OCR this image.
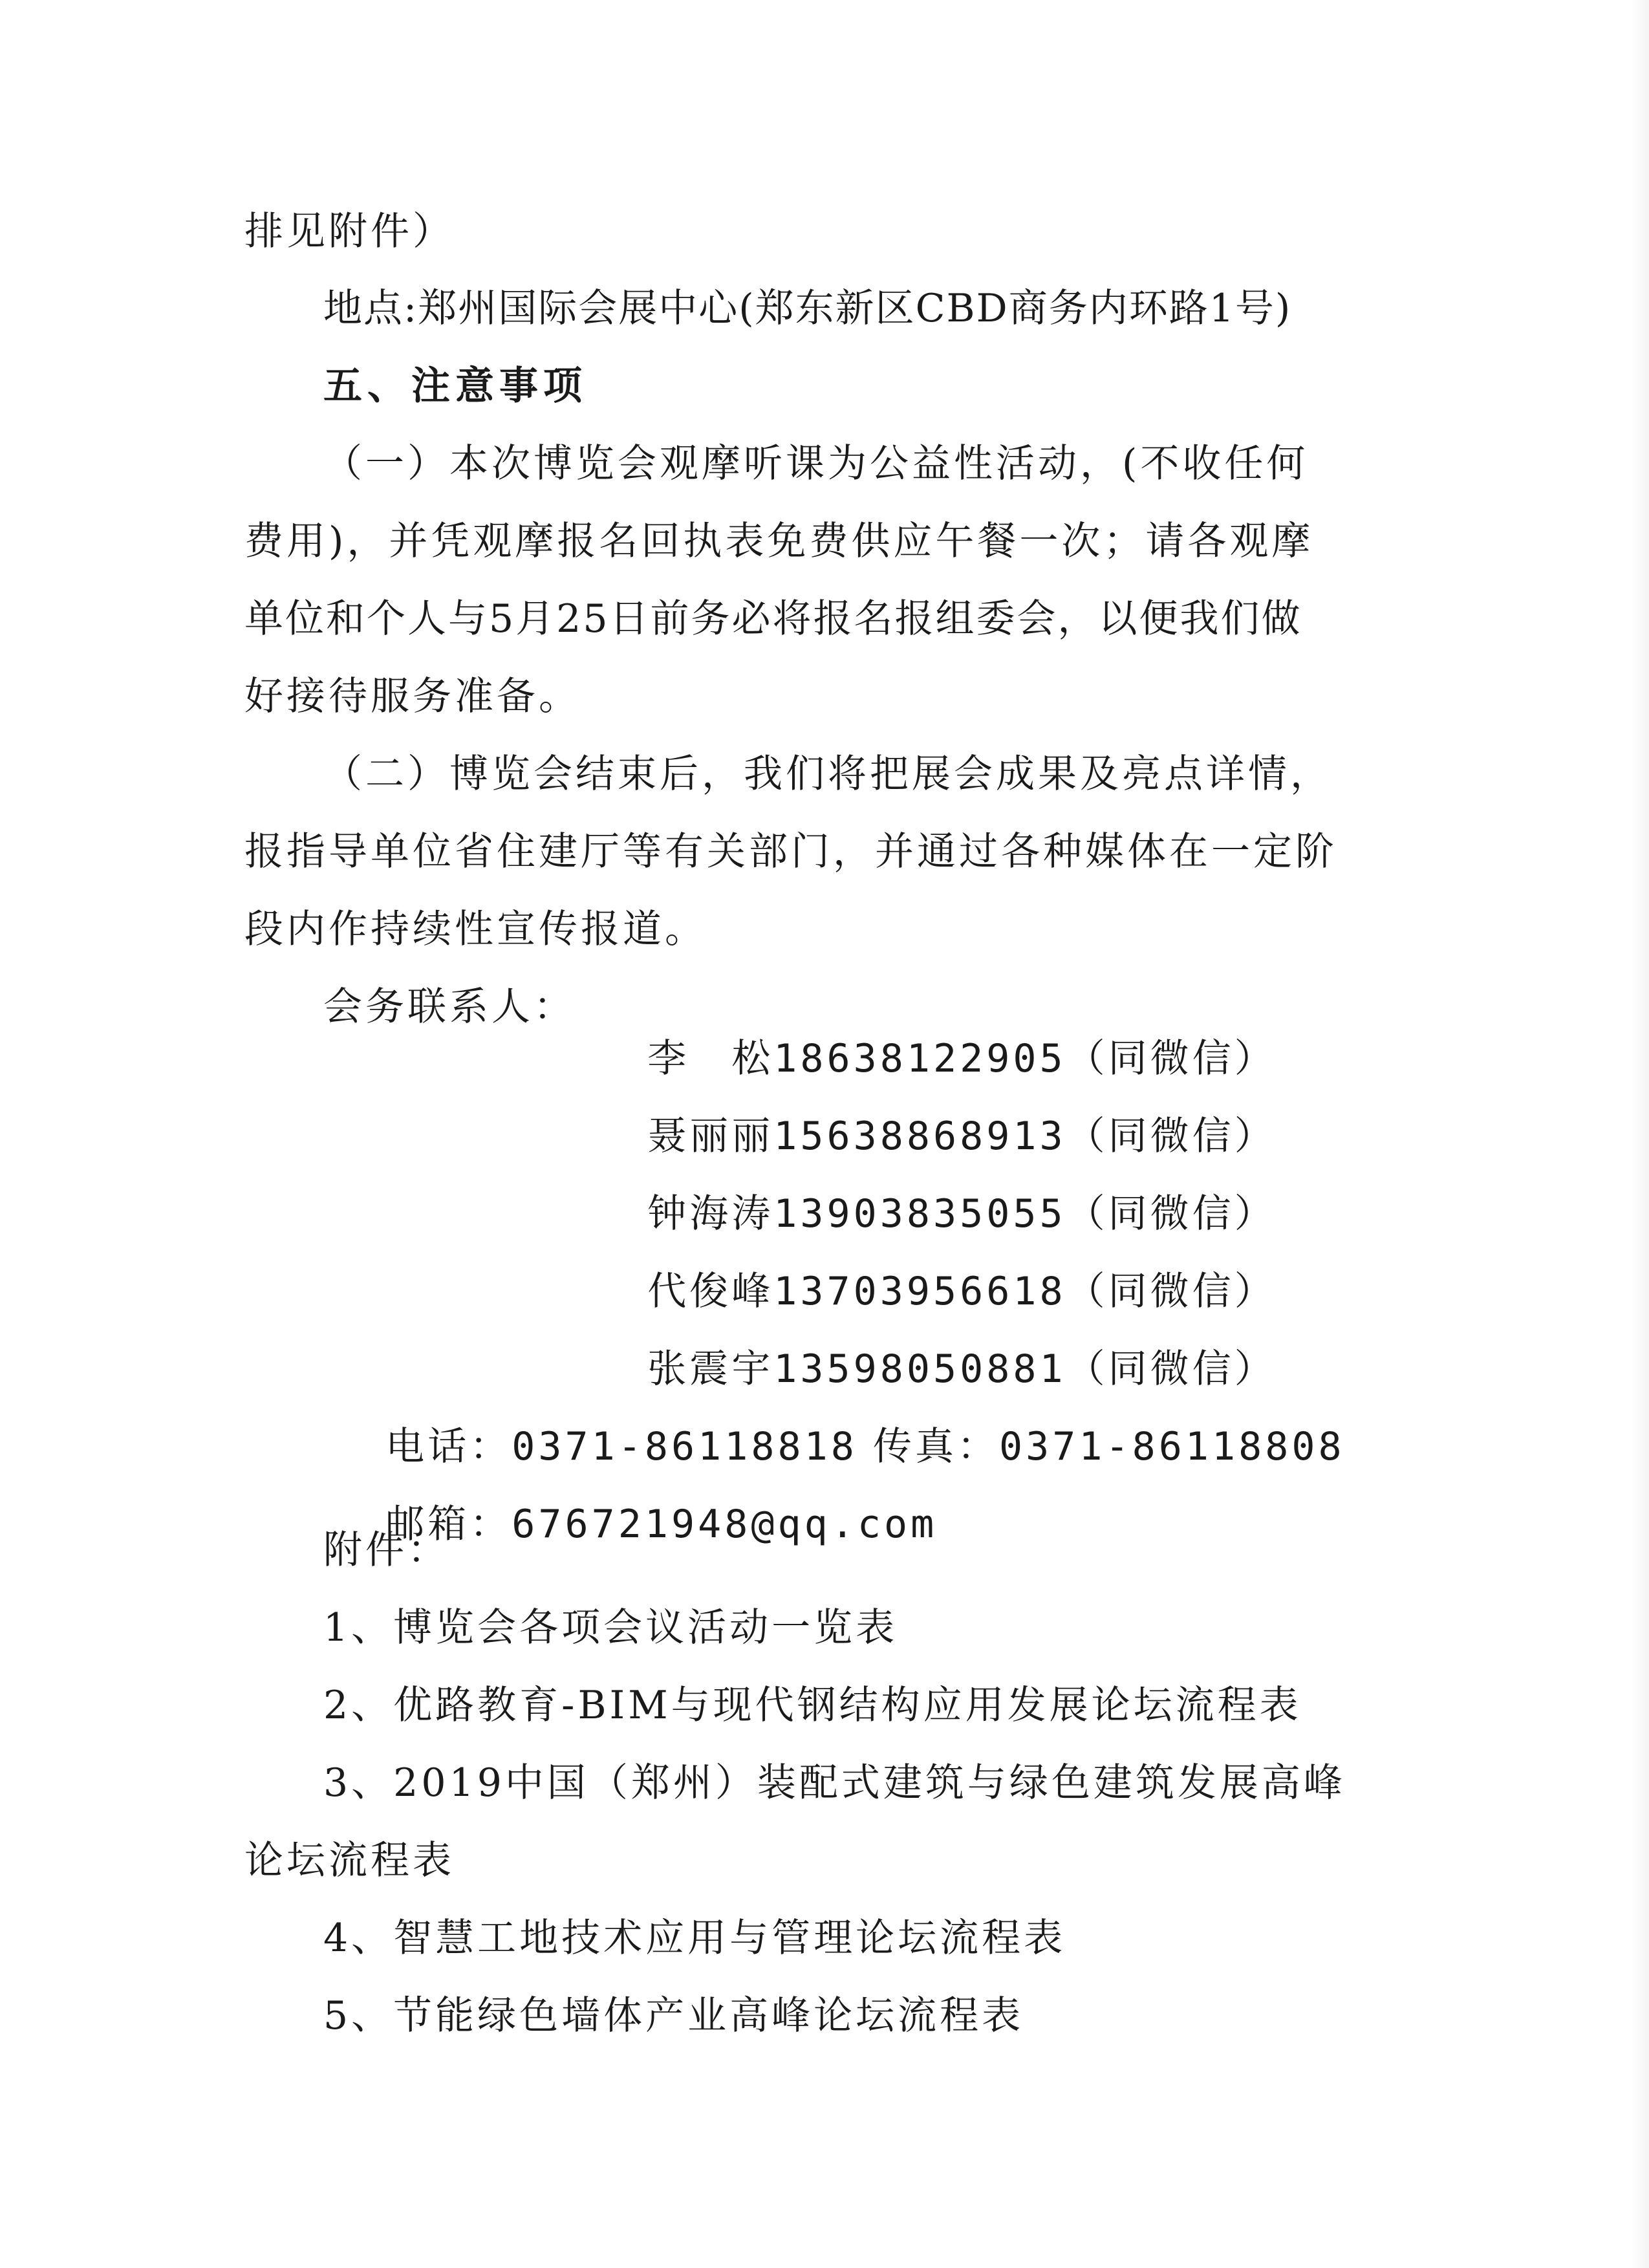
排见附件）
地点:郑州国际会展中心(郑东新区CBD商务内环路1号)
五、注意事项
（一）本次博览会观摩听课为公益性活动，(不收任何
费用)，并凭观摩报名回执表免费供应午餐一次；请各观摩
单位和个人与5月25日前务必将报名报组委会，以便我们做
好接待服务准备。
（二）博览会结束后，我们将把展会成果及亮点详情，
报指导单位省住建厅等有关部门，并通过各种媒体在一定阶
段内作持续性宣传报道。
会务联系人：

李　松18638122905（同微信）

聂丽丽15638868913（同微信）

钟海涛13903835055（同微信）

代俊峰13703956618（同微信）

张震宇13598050881（同微信）

电话：0371-86118818 传真：0371-86118808

邮箱：676721948@qq.com

附件：
1、博览会各项会议活动一览表
2、优路教育-BIM与现代钢结构应用发展论坛流程表
3、2019中国（郑州）装配式建筑与绿色建筑发展高峰
论坛流程表
4、智慧工地技术应用与管理论坛流程表
5、节能绿色墙体产业高峰论坛流程表
